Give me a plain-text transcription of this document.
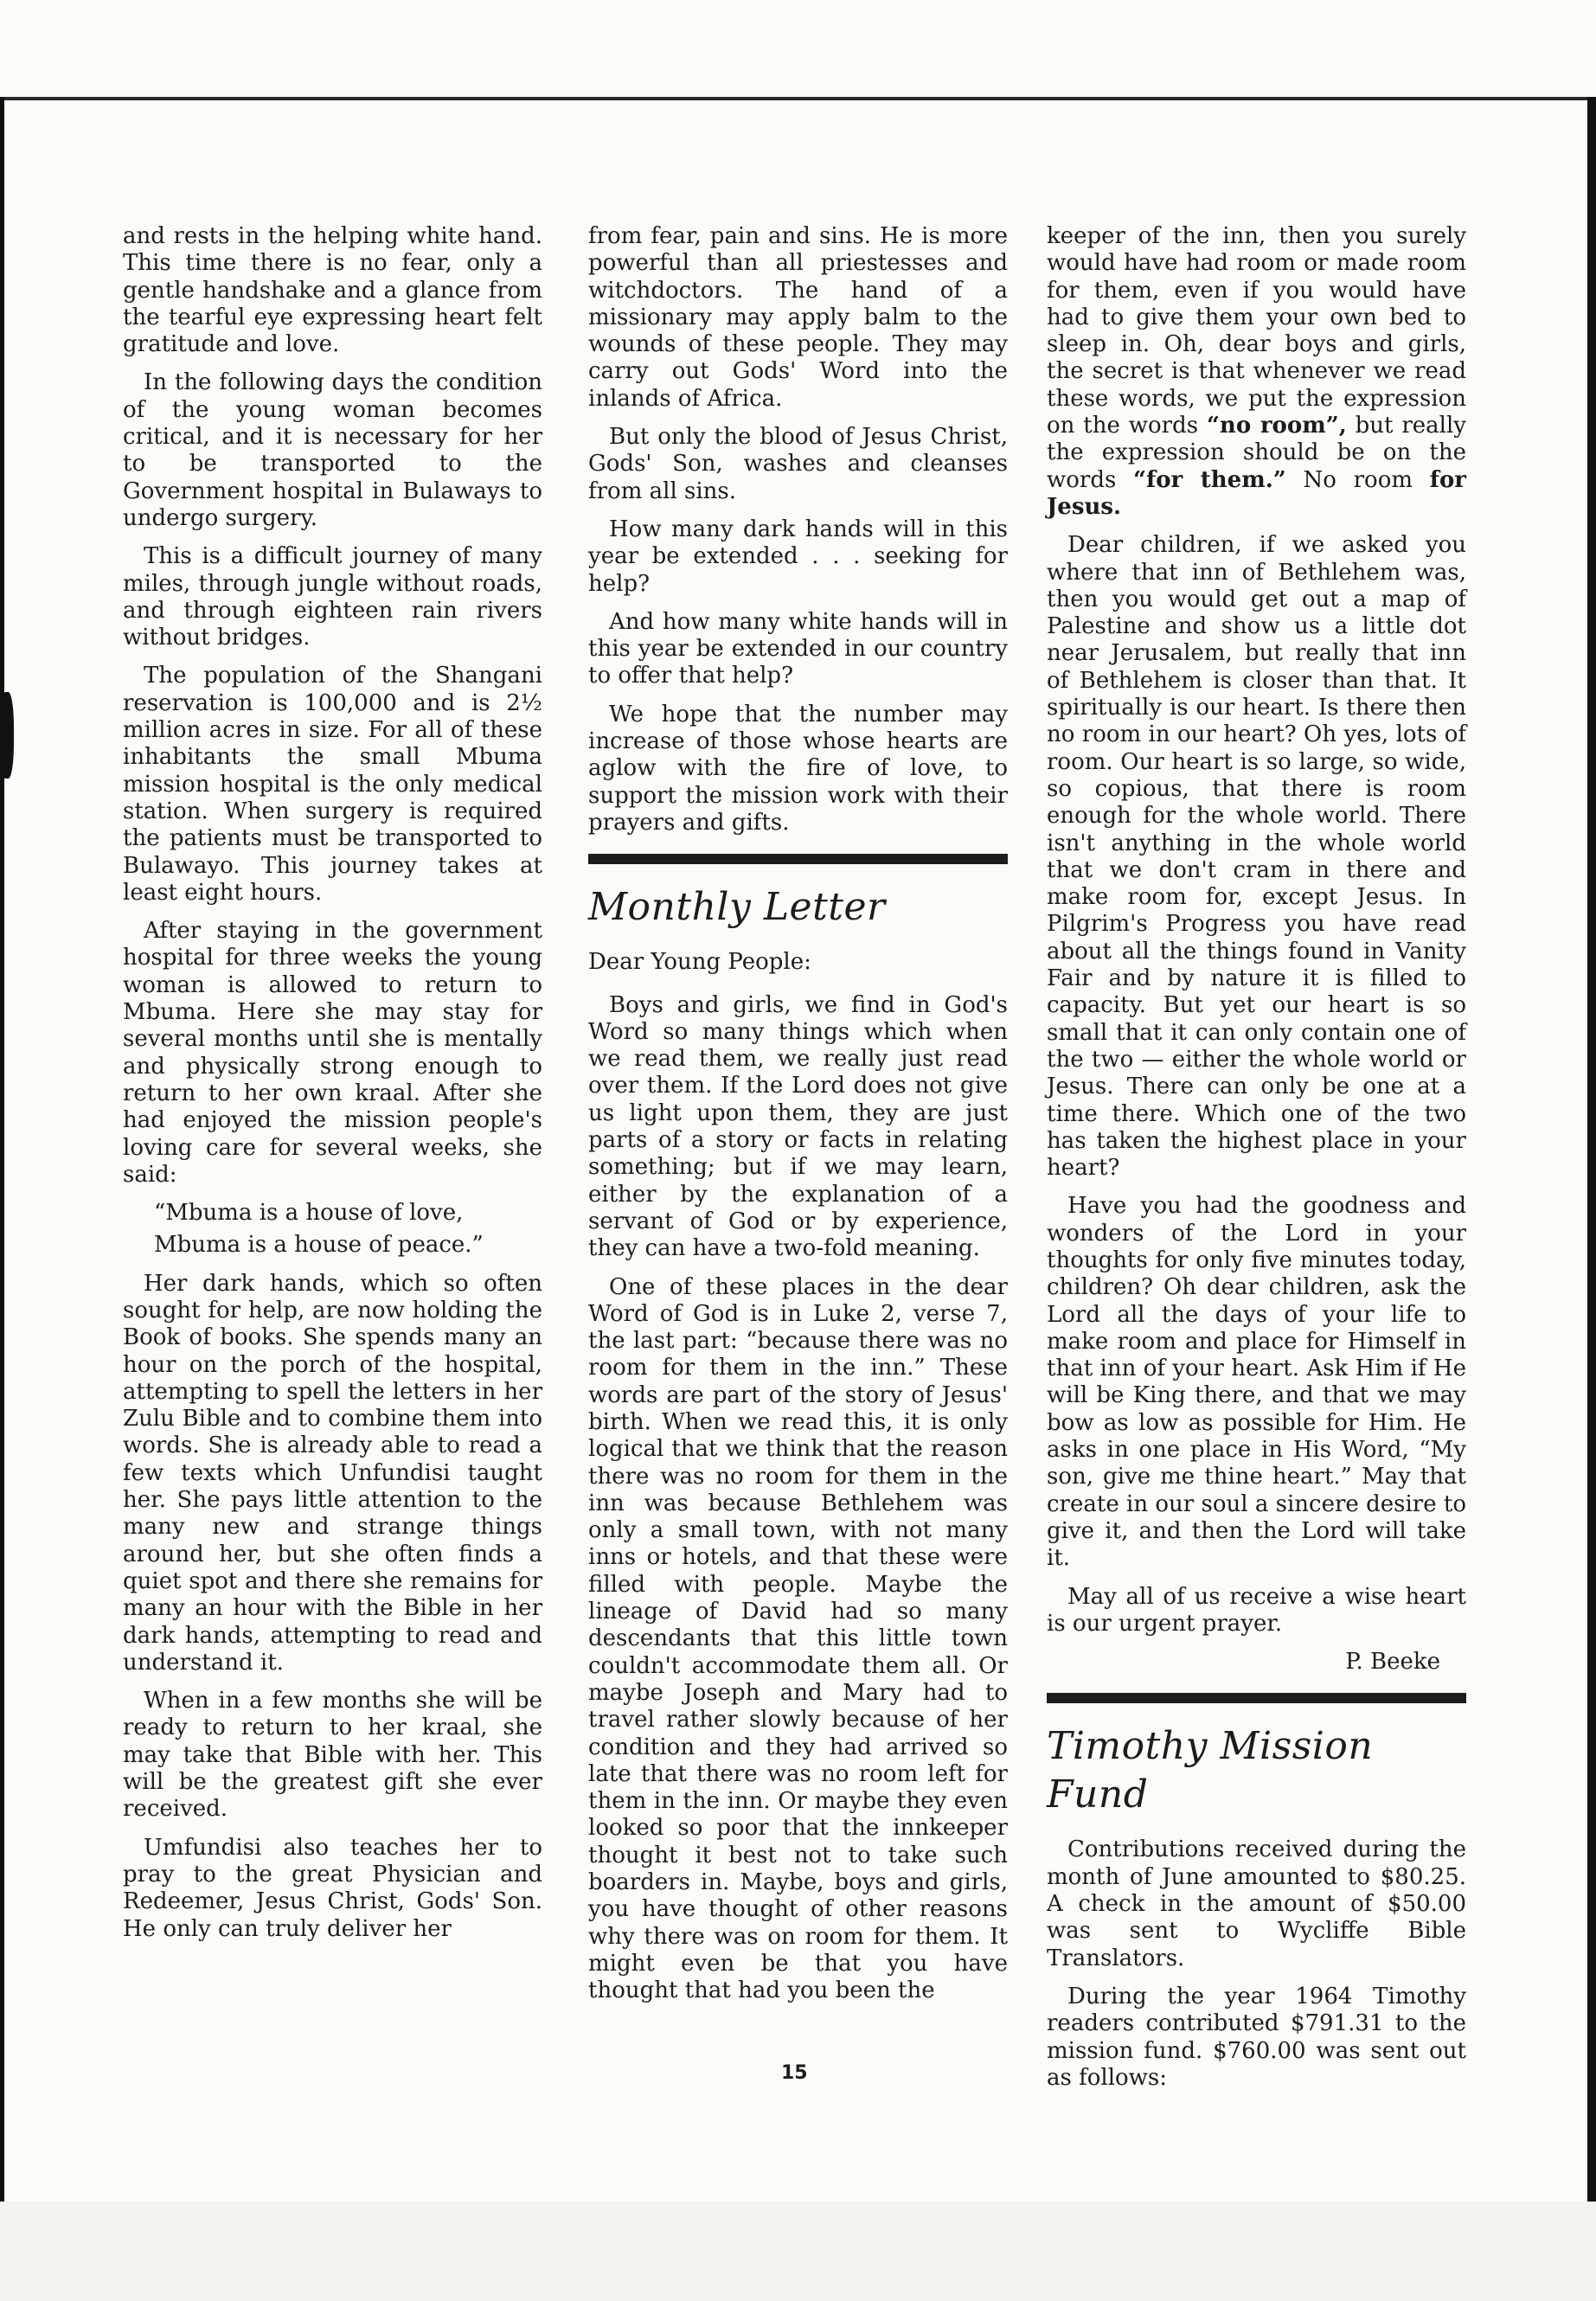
and rests in the helping white hand. This time there is no fear, only a gentle handshake and a glance from the tearful eye expressing heart felt gratitude and love.

In the following days the condition of the young woman becomes critical, and it is necessary for her to be transported to the Government hospital in Bulaways to undergo surgery.

This is a difficult journey of many miles, through jungle without roads, and through eighteen rain rivers without bridges.

The population of the Shangani reservation is 100,000 and is 2½ million acres in size. For all of these inhabitants the small Mbuma mission hospital is the only medical station. When surgery is required the patients must be transported to Bulawayo. This journey takes at least eight hours.

After staying in the government hospital for three weeks the young woman is allowed to return to Mbuma. Here she may stay for several months until she is mentally and physically strong enough to return to her own kraal. After she had enjoyed the mission people's loving care for several weeks, she said:

“Mbuma is a house of love,

Mbuma is a house of peace.”

Her dark hands, which so often sought for help, are now holding the Book of books. She spends many an hour on the porch of the hospital, attempting to spell the letters in her Zulu Bible and to combine them into words. She is already able to read a few texts which Unfundisi taught her. She pays little attention to the many new and strange things around her, but she often finds a quiet spot and there she remains for many an hour with the Bible in her dark hands, attempting to read and understand it.

When in a few months she will be ready to return to her kraal, she may take that Bible with her. This will be the greatest gift she ever received.

Umfundisi also teaches her to pray to the great Physician and Redeemer, Jesus Christ, Gods' Son. He only can truly deliver her

from fear, pain and sins. He is more powerful than all priestesses and witchdoctors. The hand of a missionary may apply balm to the wounds of these people. They may carry out Gods' Word into the inlands of Africa.

But only the blood of Jesus Christ, Gods' Son, washes and cleanses from all sins.

How many dark hands will in this year be extended . . . seeking for help?

And how many white hands will in this year be extended in our country to offer that help?

We hope that the number may increase of those whose hearts are aglow with the fire of love, to support the mission work with their prayers and gifts.

Monthly Letter

Dear Young People:

Boys and girls, we find in God's Word so many things which when we read them, we really just read over them. If the Lord does not give us light upon them, they are just parts of a story or facts in relating something; but if we may learn, either by the explanation of a servant of God or by experience, they can have a two-fold meaning.

One of these places in the dear Word of God is in Luke 2, verse 7, the last part: “because there was no room for them in the inn.” These words are part of the story of Jesus' birth. When we read this, it is only logical that we think that the reason there was no room for them in the inn was because Bethlehem was only a small town, with not many inns or hotels, and that these were filled with people. Maybe the lineage of David had so many descendants that this little town couldn't accommodate them all. Or maybe Joseph and Mary had to travel rather slowly because of her condition and they had arrived so late that there was no room left for them in the inn. Or maybe they even looked so poor that the innkeeper thought it best not to take such boarders in. Maybe, boys and girls, you have thought of other reasons why there was on room for them. It might even be that you have thought that had you been the

keeper of the inn, then you surely would have had room or made room for them, even if you would have had to give them your own bed to sleep in. Oh, dear boys and girls, the secret is that whenever we read these words, we put the expression on the words “no room”, but really the expression should be on the words “for them.” No room for Jesus.

Dear children, if we asked you where that inn of Bethlehem was, then you would get out a map of Palestine and show us a little dot near Jerusalem, but really that inn of Bethlehem is closer than that. It spiritually is our heart. Is there then no room in our heart? Oh yes, lots of room. Our heart is so large, so wide, so copious, that there is room enough for the whole world. There isn't anything in the whole world that we don't cram in there and make room for, except Jesus. In Pilgrim's Progress you have read about all the things found in Vanity Fair and by nature it is filled to capacity. But yet our heart is so small that it can only contain one of the two — either the whole world or Jesus. There can only be one at a time there. Which one of the two has taken the highest place in your heart?

Have you had the goodness and wonders of the Lord in your thoughts for only five minutes today, children? Oh dear children, ask the Lord all the days of your life to make room and place for Himself in that inn of your heart. Ask Him if He will be King there, and that we may bow as low as possible for Him. He asks in one place in His Word, “My son, give me thine heart.” May that create in our soul a sincere desire to give it, and then the Lord will take it.

May all of us receive a wise heart is our urgent prayer.

P. Beeke

Timothy Mission Fund

Contributions received during the month of June amounted to $80.25. A check in the amount of $50.00 was sent to Wycliffe Bible Translators.

During the year 1964 Timothy readers contributed $791.31 to the mission fund. $760.00 was sent out as follows:

15
